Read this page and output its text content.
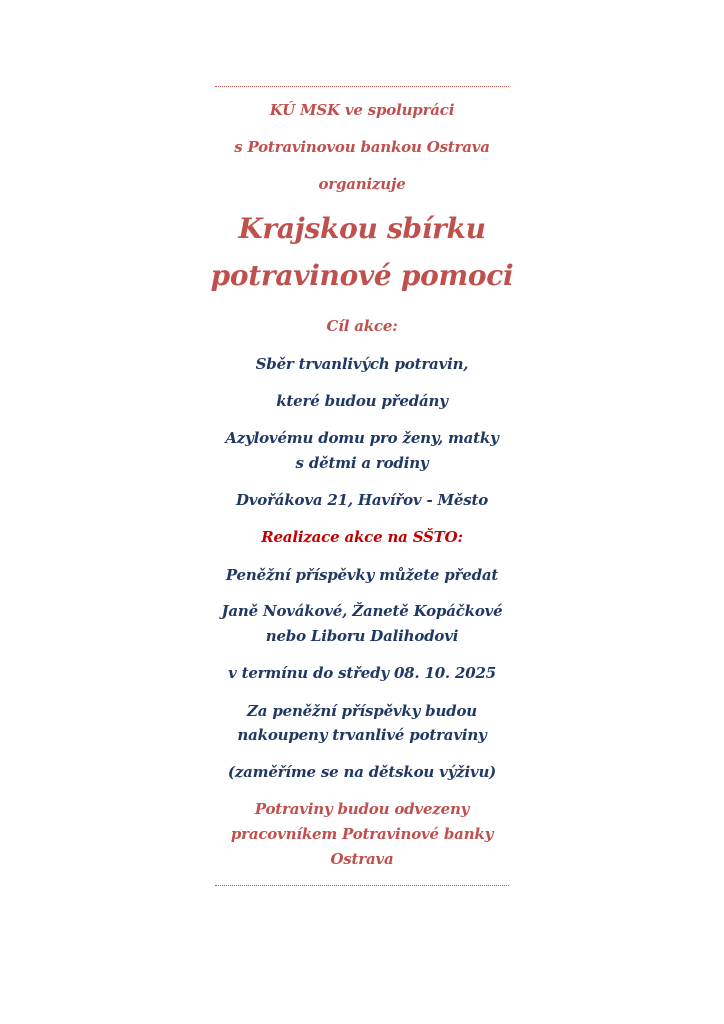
KÚ MSK ve spolupráci
s Potravinovou bankou Ostrava
organizuje
Krajskou sbírku
potravinové pomoci
Cíl akce:
Sběr trvanlivých potravin,
které budou předány
Azylovému domu pro ženy, matky
s dětmi a rodiny
Dvořákova 21, Havířov - Město
Realizace akce na SŠTO:
Peněžní příspěvky můžete předat
Janě Novákové, Žanetě Kopáčkové
nebo Liboru Dalihodovi
v termínu do středy 08. 10. 2025
Za peněžní příspěvky budou
nakoupeny trvanlivé potraviny
(zaměříme se na dětskou výživu)
Potraviny budou odvezeny
pracovníkem Potravinové banky
Ostrava
